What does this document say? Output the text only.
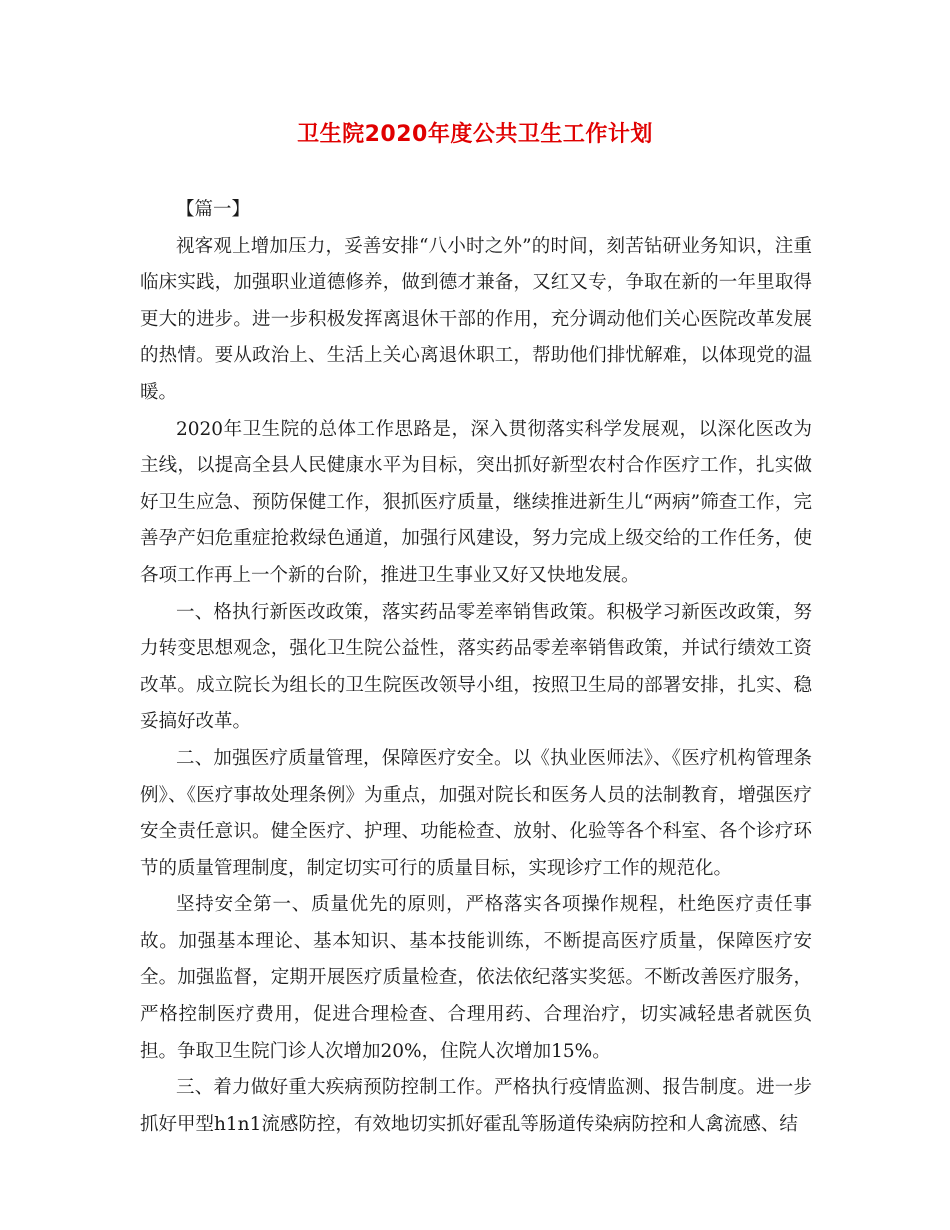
卫生院2020年度公共卫生工作计划

【篇一】

视客观上增加压力，妥善安排“八小时之外”的时间，刻苦钻研业务知识，注重临床实践，加强职业道德修养，做到德才兼备，又红又专，争取在新的一年里取得更大的进步。进一步积极发挥离退休干部的作用，充分调动他们关心医院改革发展的热情。要从政治上、生活上关心离退休职工，帮助他们排忧解难，以体现党的温暖。

2020年卫生院的总体工作思路是，深入贯彻落实科学发展观，以深化医改为主线，以提高全县人民健康水平为目标，突出抓好新型农村合作医疗工作，扎实做好卫生应急、预防保健工作，狠抓医疗质量，继续推进新生儿“两病”筛查工作，完善孕产妇危重症抢救绿色通道，加强行风建设，努力完成上级交给的工作任务，使各项工作再上一个新的台阶，推进卫生事业又好又快地发展。

一、格执行新医改政策，落实药品零差率销售政策。积极学习新医改政策，努力转变思想观念，强化卫生院公益性，落实药品零差率销售政策，并试行绩效工资改革。成立院长为组长的卫生院医改领导小组，按照卫生局的部署安排，扎实、稳妥搞好改革。

二、加强医疗质量管理，保障医疗安全。以《执业医师法》、《医疗机构管理条例》、《医疗事故处理条例》为重点，加强对院长和医务人员的法制教育，增强医疗安全责任意识。健全医疗、护理、功能检查、放射、化验等各个科室、各个诊疗环节的质量管理制度，制定切实可行的质量目标，实现诊疗工作的规范化。

坚持安全第一、质量优先的原则，严格落实各项操作规程，杜绝医疗责任事故。加强基本理论、基本知识、基本技能训练，不断提高医疗质量，保障医疗安全。加强监督，定期开展医疗质量检查，依法依纪落实奖惩。不断改善医疗服务，严格控制医疗费用，促进合理检查、合理用药、合理治疗，切实减轻患者就医负担。争取卫生院门诊人次增加20%，住院人次增加15%。

三、着力做好重大疾病预防控制工作。严格执行疫情监测、报告制度。进一步抓好甲型h1n1流感防控，有效地切实抓好霍乱等肠道传染病防控和人禽流感、结
